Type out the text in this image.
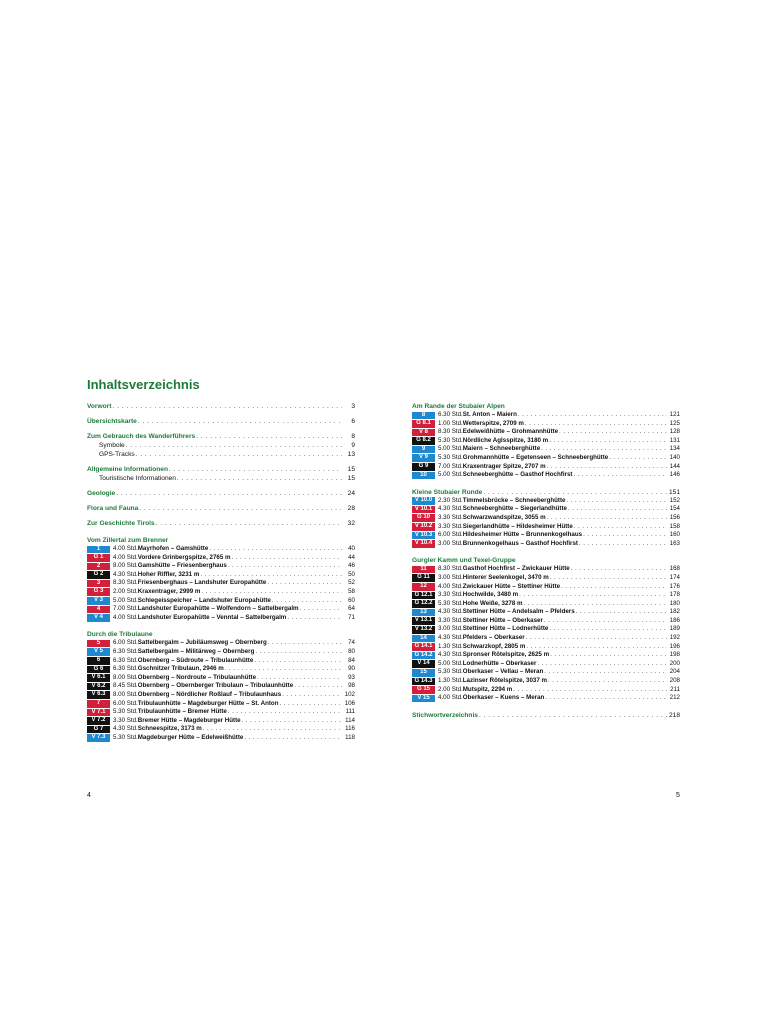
Inhaltsverzeichnis
Vorwort . . .	3
Übersichtskarte . . .	6
Zum Gebrauch des Wanderführers . . .	8
Symbole . . .	9
GPS-Tracks . . .	13
Allgemeine Informationen . . .	15
Touristische Informationen . . .	15
Geologie . . .	24
Flora und Fauna . . .	28
Zur Geschichte Tirols . . .	32
Vom Zillertal zum Brenner
1	4.00 Std. Mayrhofen – Gamshütte . . .	40
G 1	4.00 Std. Vordere Grinbergspitze, 2765 m . . .	44
2	8.00 Std. Gamshütte – Friesenberghaus . . .	46
G 2	4.30 Std. Hoher Riffler, 3231 m . . .	50
3	8.30 Std. Friesenberghaus – Landshuter Europahütte . . .	52
G 3	2.00 Std. Kraxentrager, 2999 m . . .	58
V 3	5.00 Std. Schlegeisspeicher – Landshuter Europahütte . . .	60
4	7.00 Std. Landshuter Europahütte – Wolfendorn – Sattelbergalm . . .	64
V 4	4.00 Std. Landshuter Europahütte – Venntal – Sattelbergalm . . .	71
Durch die Tribulaune
5	6.00 Std. Sattelbergalm – Jubiläumsweg – Obernberg . . .	74
V 5	6.30 Std. Sattelbergalm – Militärweg – Obernberg . . .	80
6	6.30 Std. Obernberg – Südroute – Tribulaunhütte . . .	84
G 6	6.30 Std. Gschnitzer Tribulaun, 2946 m . . .	90
V 6.1	8.00 Std. Obernberg – Nordroute – Tribulaunhütte . . .	93
V 6.2	8.45 Std. Obernberg – Obernberger Tribulaun – Tribulaunhütte . . .	98
V 6.3	8.00 Std. Obernberg – Nördlicher Roßlauf – Tribulaunhaus . . .	102
7	6.00 Std. Tribulaunhütte – Magdeburger Hütte – St. Anton . . .	106
V 7.1	5.30 Std. Tribulaunhütte – Bremer Hütte . . .	111
V 7.2	3.30 Std. Bremer Hütte – Magdeburger Hütte . . .	114
G 7	4.30 Std. Schneespitze, 3173 m . . .	116
V 7.3	5.30 Std. Magdeburger Hütte – Edelweißhütte . . .	118
Am Rande der Stubaier Alpen
8	6.30 Std. St. Anton – Maiern . . .	121
G 8.1	1.00 Std. Wetterspitze, 2709 m . . .	125
V 8	8.30 Std. Edelweißhütte – Grohmannhütte . . .	128
G 8.2	5.30 Std. Nördliche Aglsspitze, 3180 m . . .	131
9	5.00 Std. Maiern – Schneeberghütte . . .	134
V 9	5.30 Std. Grohmannhütte – Egetenseen – Schneeberghütte . . .	140
G 9	7.00 Std. Kraxentrager Spitze, 2707 m . . .	144
10	5.00 Std. Schneeberghütte – Gasthof Hochfirst . . .	146
Kleine Stubaier Runde . . .	151
V 10.0 2.30 Std. Timmelsbrücke – Schneeberghütte . . .	152
V 10.1 4.30 Std. Schneeberghütte – Siegerlandhütte . . .	154
G 10	3.30 Std. Schwarzwandspitze, 3055 m . . .	156
V 10.2 3.30 Std. Siegerlandhütte – Hildesheimer Hütte . . .	158
V 10.3 6.00 Std. Hildesheimer Hütte – Brunnenkogelhaus . . .	160
V 10.4 3.00 Std. Brunnenkogelhaus – Gasthof Hochfirst . . .	163
Gurgler Kamm und Texel-Gruppe
11	8.30 Std. Gasthof Hochfirst – Zwickauer Hütte . . .	168
G 11	3.00 Std. Hinterer Seelenkogel, 3470 m . . .	174
12	4.00 Std. Zwickauer Hütte – Stettiner Hütte . . .	176
G 12.1 3.30 Std. Hochwilde, 3480 m . . .	178
G 12.2 5.30 Std. Hohe Weiße, 3278 m . . .	180
13	4.30 Std. Stettiner Hütte – Andelsalm – Pfelders . . .	182
V 13.1 3.30 Std. Stettiner Hütte – Oberkaser . . .	186
V 13.2 3.00 Std. Stettiner Hütte – Lodnerhütte . . .	189
14	4.30 Std. Pfelders – Oberkaser . . .	192
G 14.1 1.30 Std. Schwarzkopf, 2805 m . . .	196
G 14.2 4.30 Std. Spronser Rötelspitze, 2625 m . . .	198
V 14	5.00 Std. Lodnerhütte – Oberkaser . . .	200
15	5.30 Std. Oberkaser – Vellau – Meran . . .	204
G 14.3 1.30 Std. Lazinser Rötelspitze, 3037 m . . .	208
G 15	2.00 Std. Mutspitz, 2294 m . . .	211
V 15	4.00 Std. Oberkaser – Kuens – Meran . . .	212
Stichwortverzeichnis . . .	218
4	5
